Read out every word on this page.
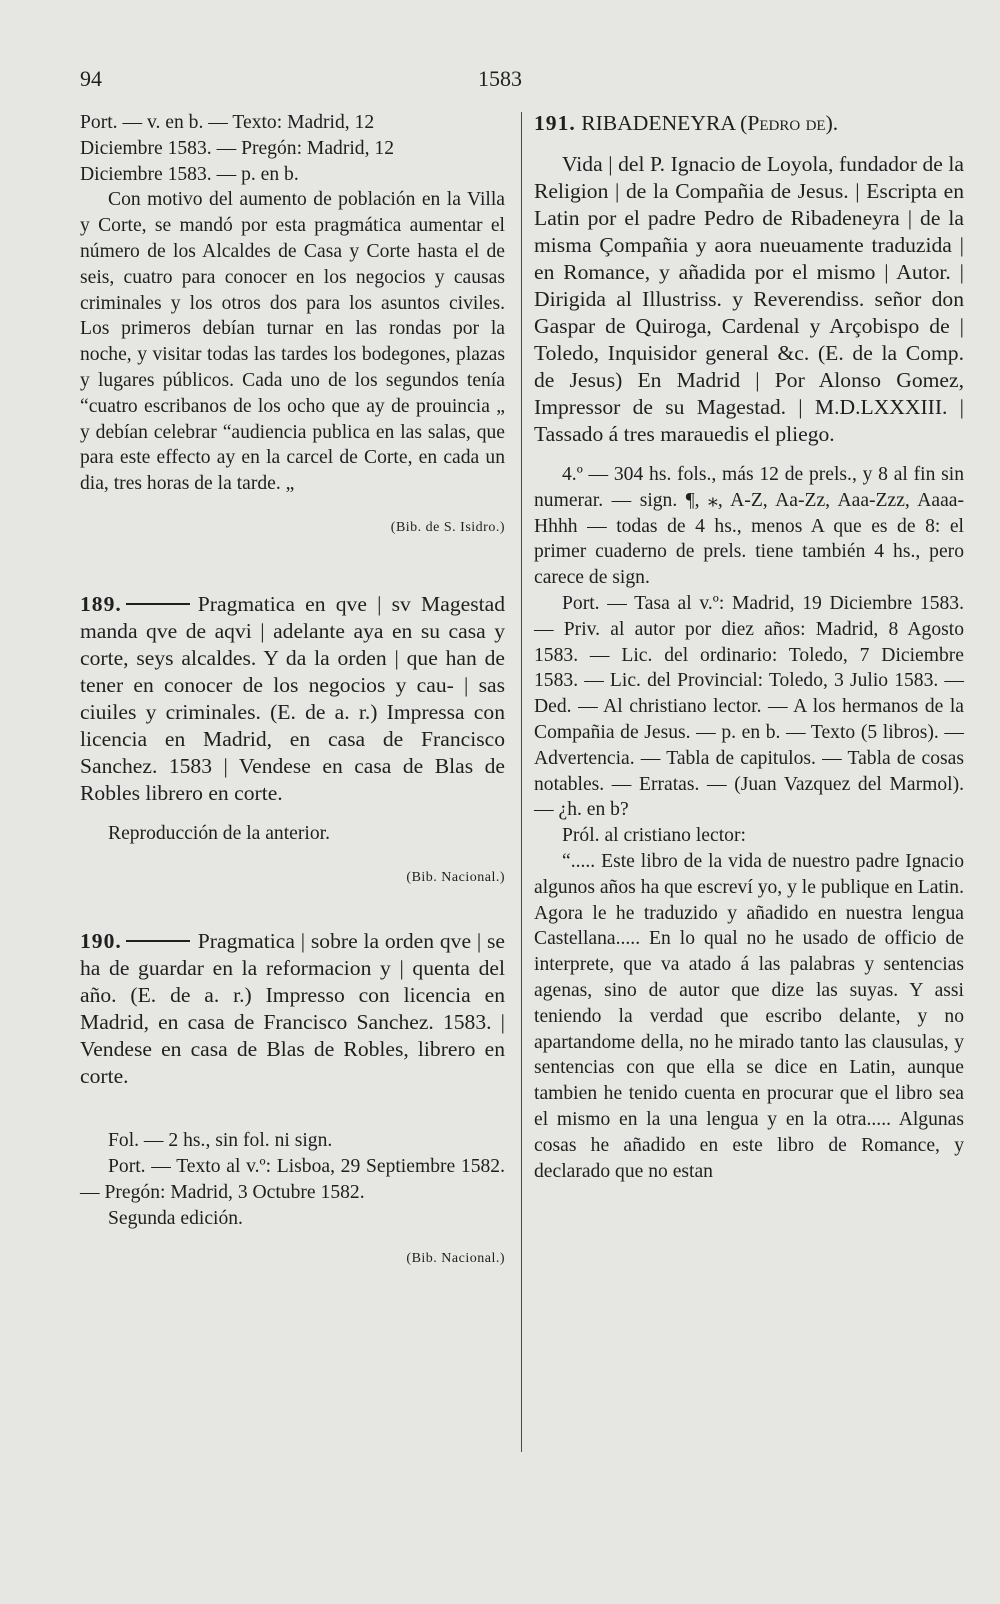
94	1583

Port. — v. en b. — Texto: Madrid, 12

Diciembre 1583. — Pregón: Madrid, 12

Diciembre 1583. — p. en b.

Con motivo del aumento de población en la Villa y Corte, se mandó por esta pragmática aumentar el número de los Alcaldes de Casa y Corte hasta el de seis, cuatro para conocer en los negocios y causas criminales y los otros dos para los asuntos civiles. Los primeros debían turnar en las rondas por la noche, y visitar todas las tardes los bodegones, plazas y lugares públicos. Cada uno de los segundos tenía “cuatro escribanos de los ocho que ay de prouincia „ y debían celebrar “audiencia publica en las salas, que para este effecto ay en la carcel de Corte, en cada un dia, tres horas de la tarde. „

(Bib. de S. Isidro.)

189.	Pragmatica en qve | sv Magestad manda qve de aqvi | adelante aya en su casa y corte, seys alcaldes. Y da la orden | que han de tener en conocer de los negocios y cau- | sas ciuiles y criminales. (E. de a. r.) Impressa con licencia en Madrid, en casa de Francisco Sanchez. 1583 | Vendese en casa de Blas de Robles librero en corte.

Reproducción de la anterior.

(Bib. Nacional.)

190.	Pragmatica | sobre la orden qve | se ha de guardar en la reformacion y | quenta del año. (E. de a. r.) Impresso con licencia en Madrid, en casa de Francisco Sanchez. 1583. | Vendese en casa de Blas de Robles, librero en corte.

Fol. — 2 hs., sin fol. ni sign.

Port. — Texto al v.º: Lisboa, 29 Septiembre 1582. — Pregón: Madrid, 3 Octubre 1582.

Segunda edición.

(Bib. Nacional.)

191. RIBADENEYRA (Pedro de).

Vida | del P. Ignacio de Loyola, fundador de la Religion | de la Compañia de Jesus. | Escripta en Latin por el padre Pedro de Ribadeneyra | de la misma Çompañia y aora nueuamente traduzida | en Romance, y añadida por el mismo | Autor. | Dirigida al Illustriss. y Reverendiss. señor don Gaspar de Quiroga, Cardenal y Arçobispo de | Toledo, Inquisidor general &c. (E. de la Comp. de Jesus) En Madrid | Por Alonso Gomez, Impressor de su Magestad. | M.D.LXXXIII. | Tassado á tres marauedis el pliego.

4.º — 304 hs. fols., más 12 de prels., y 8 al fin sin numerar. — sign. ¶, ⁎, A-Z, Aa-Zz, Aaa-Zzz, Aaaa-Hhhh — todas de 4 hs., menos A que es de 8: el primer cuaderno de prels. tiene también 4 hs., pero carece de sign.

Port. — Tasa al v.º: Madrid, 19 Diciembre 1583. — Priv. al autor por diez años: Madrid, 8 Agosto 1583. — Lic. del ordinario: Toledo, 7 Diciembre 1583. — Lic. del Provincial: Toledo, 3 Julio 1583. — Ded. — Al christiano lector. — A los hermanos de la Compañia de Jesus. — p. en b. — Texto (5 libros). — Advertencia. — Tabla de capitulos. — Tabla de cosas notables. — Erratas. — (Juan Vazquez del Marmol). — ¿h. en b?

Pról. al cristiano lector:

“..... Este libro de la vida de nuestro padre Ignacio algunos años ha que escreví yo, y le publique en Latin. Agora le he traduzido y añadido en nuestra lengua Castellana..... En lo qual no he usado de officio de interprete, que va atado á las palabras y sentencias agenas, sino de autor que dize las suyas. Y assi teniendo la verdad que escribo delante, y no apartandome della, no he mirado tanto las clausulas, y sentencias con que ella se dice en Latin, aunque tambien he tenido cuenta en procurar que el libro sea el mismo en la una lengua y en la otra..... Algunas cosas he añadido en este libro de Romance, y declarado que no estan
